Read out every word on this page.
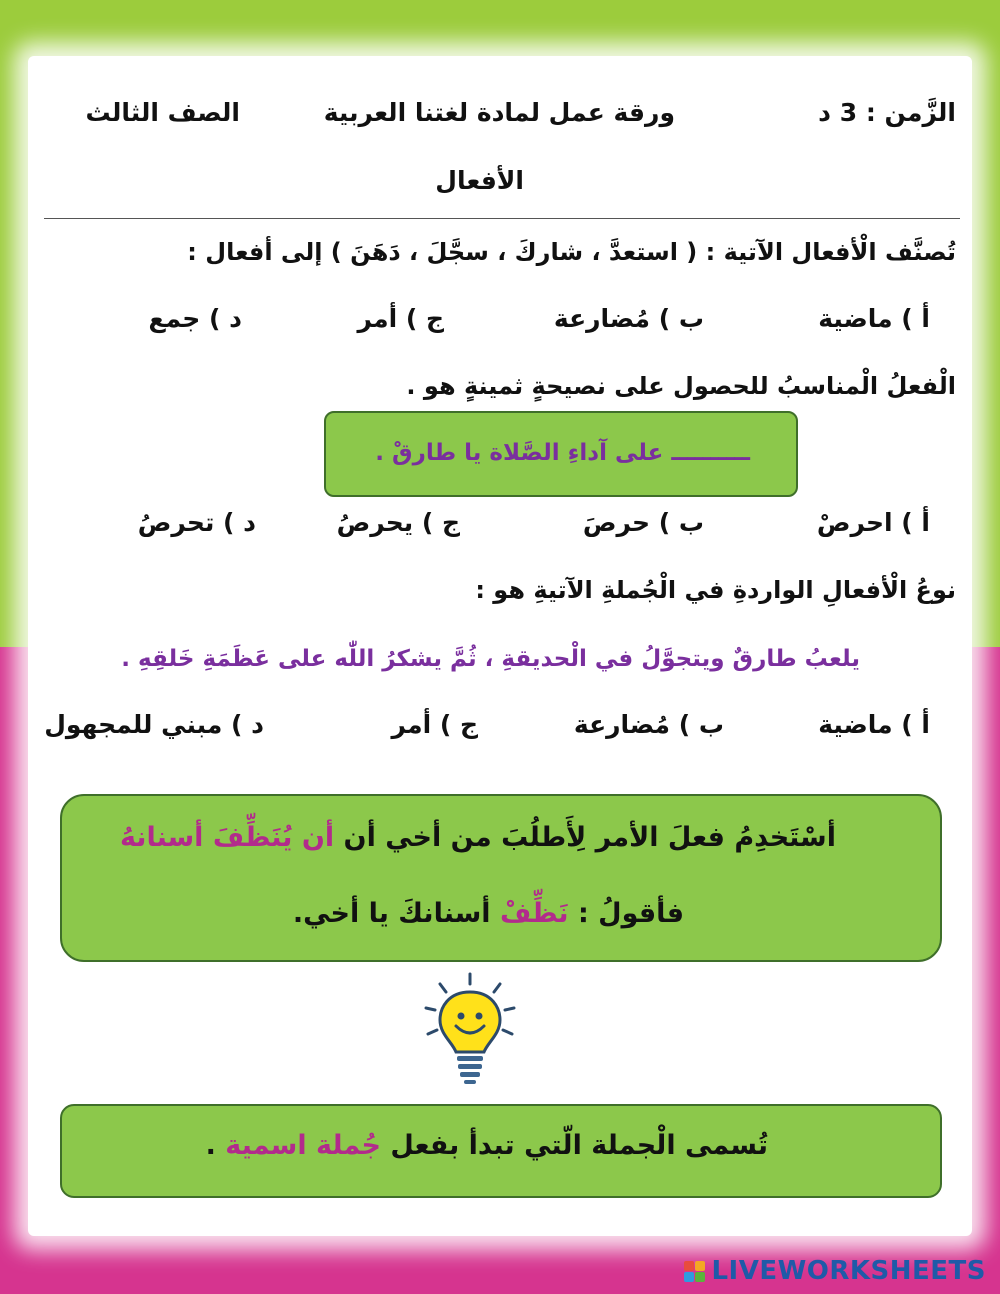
الزَّمن : 3 د
ورقة عمل لمادة لغتنا العربية
الصف الثالث
الأفعال
تُصنَّف الْأفعال الآتية : ( استعدَّ ، شاركَ ، سجَّلَ ، دَهَنَ ) إلى أفعال :
أ ) ماضية
ب ) مُضارعة
ج ) أمر
د ) جمع
الْفعلُ الْمناسبُ للحصول على نصيحةٍ ثمينةٍ هو .
ــــــــــ على آداءِ الصَّلاة يا طارقْ .
أ ) احرصْ
ب ) حرصَ
ج ) يحرصُ
د ) تحرصُ
نوعُ الْأفعالِ الواردةِ في الْجُملةِ الآتيةِ هو :
يلعبُ طارقٌ ويتجوَّلُ في الْحديقةِ ، ثُمَّ يشكرُ اللّٰه على عَظَمَةِ خَلقِهِ .
أ ) ماضية
ب ) مُضارعة
ج ) أمر
د ) مبني للمجهول
أسْتَخدِمُ فعلَ الأمر لِأَطلُبَ من أخي أن أن يُنَظِّفَ أسنانهُ
فأقولُ : نَظِّفْ أسنانكَ يا أخي.
تُسمى الْجملة الّتي تبدأ بفعل جُملة اسمية .
LIVEWORKSHEETS
